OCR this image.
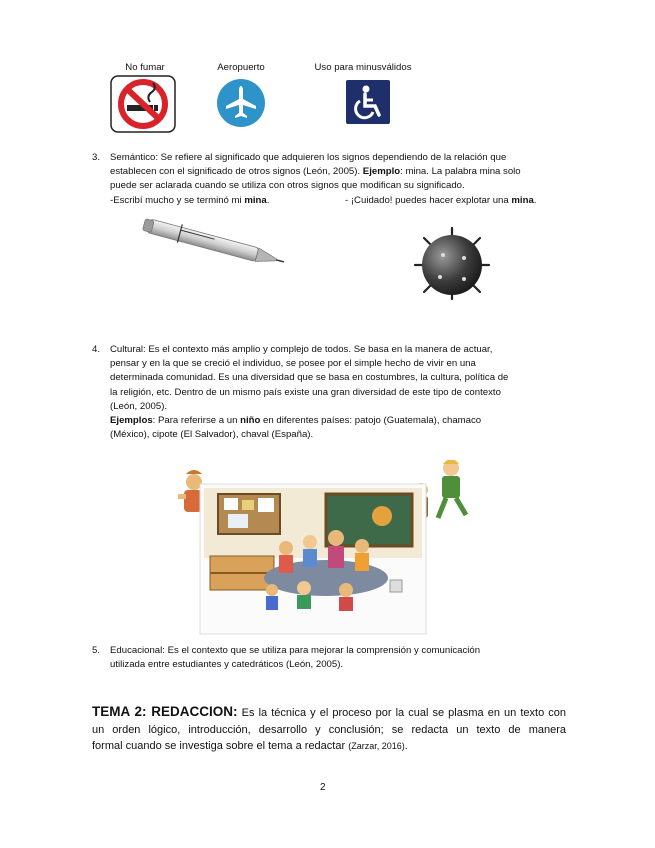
No fumar	Aeropuerto	Uso para minusválidos
3. Semántico: Se refiere al significado que adquieren los signos dependiendo de la relación que
establecen con el significado de otros signos (León, 2005). Ejemplo: mina. La palabra mina solo
puede ser aclarada cuando se utiliza con otros signos que modifican su significado.
-Escribí mucho y se terminó mi mina.	- ¡Cuidado! puedes hacer explotar una mina.
4. Cultural: Es el contexto más amplio y complejo de todos. Se basa en la manera de actuar,
pensar y en la que se creció el individuo, se posee por el simple hecho de vivir en una
determinada comunidad. Es una diversidad que se basa en costumbres, la cultura, política de
la religión, etc. Dentro de un mismo país existe una gran diversidad de este tipo de contexto
(León, 2005).
Ejemplos: Para referirse a un niño en diferentes países: patojo (Guatemala), chamaco
(México), cipote (El Salvador), chaval (España).
5. Educacional: Es el contexto que se utiliza para mejorar la comprensión y comunicación
utilizada entre estudiantes y catedráticos (León, 2005).
TEMA 2: REDACCION: Es la técnica y el proceso por la cual se plasma en un texto con
un orden lógico, introducción, desarrollo y conclusión; se redacta un texto de manera
formal cuando se investiga sobre el tema a redactar (Zarzar, 2016).
2
